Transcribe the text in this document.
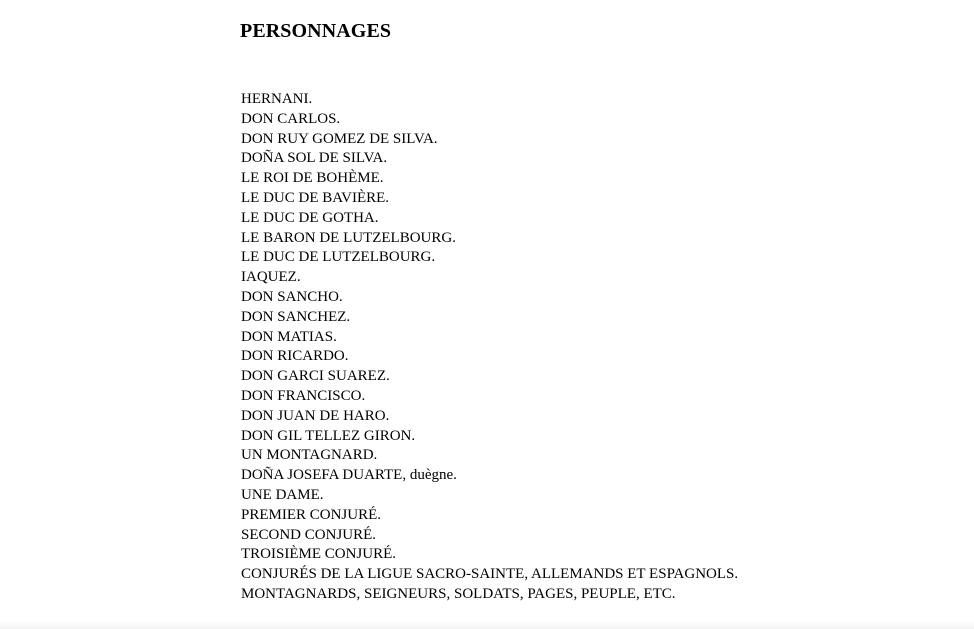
PERSONNAGES
HERNANI.
DON CARLOS.
DON RUY GOMEZ DE SILVA.
DOÑA SOL DE SILVA.
LE ROI DE BOHÈME.
LE DUC DE BAVIÈRE.
LE DUC DE GOTHA.
LE BARON DE LUTZELBOURG.
LE DUC DE LUTZELBOURG.
IAQUEZ.
DON SANCHO.
DON SANCHEZ.
DON MATIAS.
DON RICARDO.
DON GARCI SUAREZ.
DON FRANCISCO.
DON JUAN DE HARO.
DON GIL TELLEZ GIRON.
UN MONTAGNARD.
DOÑA JOSEFA DUARTE, duègne.
UNE DAME.
PREMIER CONJURÉ.
SECOND CONJURÉ.
TROISIÈME CONJURÉ.
CONJURÉS DE LA LIGUE SACRO-SAINTE, ALLEMANDS ET ESPAGNOLS.
MONTAGNARDS, SEIGNEURS, SOLDATS, PAGES, PEUPLE, ETC.
